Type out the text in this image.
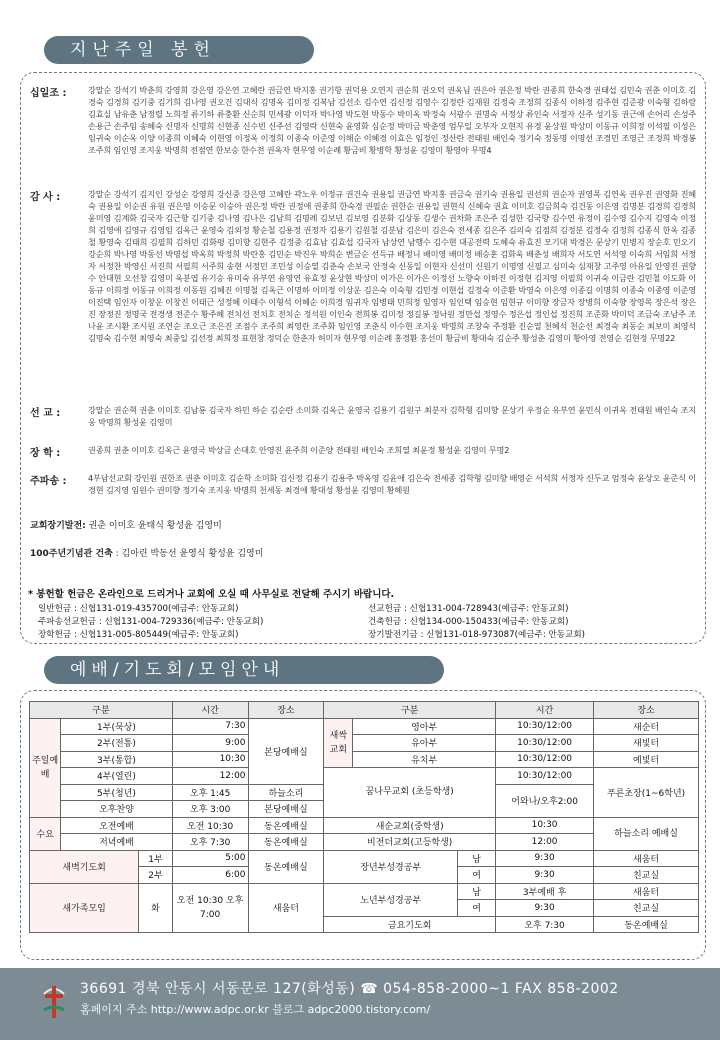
지난주일 봉헌
십일조 :	강말순 강석기 박춘희 강영희 강은영 강은연 고혜란 권금연 박지홍 권기항 권덕용 오연지 권순희 권오덕 권옥님 권은아 권은정 박란 권종희 한숙경 권태섭 김민숙 권춘 이미호 김경숙 김경희 김기중 김기희 김나영 권오건 김대식 김명옥 김미정 김복남 김선소 김수연 김신정 김영수 김정란 김재원 김정숙 조정희 김종식 이하정 김주현 김준광 이숙형 김하람 김효실 남유춘 남정렬 노희정 류기하 류충환 신순희 민세광 이덕자 박나영 박도현 박동수 박미옥 박정숙 서광수 권명숙 서정상 류인숙 서정자 신주 성기동 권근애 손어리 손성주 손용근 손주임 송혜숙 신명자 신명희 신현종 신수빈 신주선 김영락 신현숙 윤영화 심순정 박미금 박춘영 엄무일 오부자 오현지 유경 윤상원 박상미 이동규 이희정 이석필 이성은 임귀숙 이순옥 이양 이종희 이혜숙 이현영 이정옥 이정희 이종숙 이준영 이해순 이혜경 이효은 임정인 정산란 전태원 배인숙 정기숙 정동명 이명선 조경민 조영근 조정희 박경봉 조주희 임인영 조지웅 박명희 전점연 한보승 한수전 권옥자 현무영 이순례 황금비 황병학 황성윤 김영미 황영아 무명4
감 사 :	강말순 강석기 김지인 강성순 강영희 강신중 강은영 고혜란 곽노우 이정규 권건숙 권용일 권금연 박지홍 권금숙 권기숙 권용일 권선희 권순자 권영목 김연옥 권우진 권영화 진혜숙 권용일 이순권 유원 권은영 이승문 이승아 권은정 박란 권정애 권종희 한숙경 권필순 권한순 권용일 권현식 신혜숙 권효 이미호 김금희숙 김건동 이은영 김명분 김경희 김경희 윤미영 김계화 김국자 김근향 김기중 김나영 김나은 김남희 김명례 김보년 김보영 김분화 김상동 김생수 권차화 조은주 김성한 김국향 김수연 유정이 김수영 김수지 김영숙 이정희 김영애 김영규 김영임 김옥근 윤영숙 김외정 황순철 김용정 권정자 김용기 김원철 김분남 김은미 김은숙 전세종 김은주 김의숙 김점희 김정분 김정숙 김정희 김종식 한옥 김종철 황영숙 김태희 김필희 김하민 김화평 김미향 김현주 김정중 김효남 김효섭 김국자 남상연 남행수 김수현 대공전력 도혜숙 류효진 모기대 박경은 문상기 민병지 장순호 민오기 강순희 박나영 박동선 박명섭 박옥희 박정희 박란홍 김민순 박진우 박희순 변금순 선득규 배정니 배미영 배미정 배승훈 김화욱 배춘성 배희자 서도연 서석영 이숙희 서임희 서정자 서정찬 박영신 서진희 서필희 서주희 송현 서정민 조민성 이승열 김춘숙 손보국 안정숙 신동일 이현자 신선미 신원기 이명영 신필고 심미숙 심재창 고주영 아유일 안영진 권향수 안대현 오선창 김영미 옥분엽 유기승 유미숙 유부연 유영연 유효정 윤상현 박상미 이가은 이가은 이정선 노향숙 이하진 이정현 김지영 이필희 이귀숙 이금란 김민철 이도화 이동규 이희정 이동규 이희정 이동원 김혜진 이명철 김옥근 이명하 이미정 이상운 김은숙 이숙형 김민경 이현섭 김정숙 이준환 박영숙 이은영 이종길 이명희 이종숙 이종영 이준영 이진택 임인자 이창운 이창진 이태근 성정혜 이태수 이형석 이혜순 이희경 임귀자 임병태 민희정 임영자 임인택 임승현 임현규 이미향 장금자 장병희 이숙향 장영목 장은석 장은진 장정진 정명국 전경생 전준수 황주혜 전치선 전치호 전치순 정석원 이인숙 전희봉 김미정 정길봉 정낙원 정만섭 정영수 정은섭 정인섭 정진희 조준화 박미덕 조금숙 조남주 조나윤 조시환 조시원 조연순 조오근 조은진 조점수 조주희 최영란 조주화 임인영 조춘식 이수현 조지웅 박명희 조창숙 주정환 진순열 천혜석 천순선 최경숙 최동순 최보미 최영석 김명숙 김수현 최영숙 최중일 김선정 최희정 표현창 정덕순 한춘자 허미자 현무영 이순례 홍경환 홍선미 황금비 황대숙 김순주 황성춘 김영미 황아영 전영순 김현정 무명22
선 교 :	강말순 권순혁 권춘 이미호 김남룡 김국자 하민 하순 김순란 소미화 김옥근 윤영국 김용기 김원구 최분자 김학형 김미향 문상기 우정순 유부연 윤민식 이귀옥 전태원 배인숙 조지웅 박명희 황성윤 김영미
장 학 :	권종희 권춘 이미호 김옥근 윤영국 박상금 손대호 안영진 윤주희 이준양 전태원 배인숙 조희열 최윤정 황성윤 김영미 무명2
주파송 :	4부남선교회 강인원 권한조 권춘 이미호 김순학 소미화 김신정 김용기 김용주 박옥영 김윤애 김은숙 전세종 김학형 김미향 배영순 서석희 서정자 신두교 엄정숙 윤상오 윤준식 이경현 김지영 임원수 권미향 정기숙 조지웅 박명희 천세동 최경애 황대성 황성윤 김영미 황혜원
교회장기발전: 권춘 이미호 윤태식 황성윤 김영미
100주년기념관 건축 : 김아린 박동선 윤영식 황성윤 김영미
* 봉헌할 헌금은 온라인으로 드리거나 교회에 오실 때 사무실로 전달해 주시기 바랍니다.
일반헌금 : 신협131-019-435700(예금주: 안동교회)	선교헌금 : 신협131-004-728943(예금주: 안동교회)
주파송선교헌금 : 신협131-004-729336(예금주: 안동교회)	건축헌금 : 신협134-000-150433(예금주: 안동교회)
장학헌금 : 신협131-005-805449(예금주: 안동교회)	장기발전기금 : 신협131-018-973087(예금주: 안동교회)
예배/기도회/모임안내
구분			시간	장소	구분			시간	장소
주일예배	1부(묵상)		7:30	본당예배실	새싹교회	영아부		10:30/12:00	새순터
	2부(전통)		9:00			유아부		10:30/12:00	새빛터
	3부(통합)		10:30			유치부		10:30/12:00	예빛터
	4부(열린)		12:00		꿈나무교회 (초등학생)			10:30/12:00	푸른초장(1~6학년)
	5부(청년)		오후 1:45	하늘소리				어와나/오후2:00	
	오후찬양		오후 3:00	본당예배실					
수요	오전예배		오전 10:30	동온예배실	새순교회(중학생)			10:30	하늘소리 예배실
	저녁예배		오후 7:30	동온예배실	비전더교회(고등학생)			12:00	
새벽기도회		1부	5:00	동온예배실	장년부성경공부		남	9:30	새움터
		2부	6:00				여	9:30	친교실
새가족모임		화	오전 10:30 오후 7:00	새움터	노년부성경공부		남	3부예배 후	새움터
							여	9:30	친교실
					금요기도회			오후 7:30	동온예배실
36691 경북 안동시 서동문로 127(화성동) ☎ 054-858-2000~1 FAX 858-2002
홈페이지 주소 http://www.adpc.or.kr 블로그 adpc2000.tistory.com/
